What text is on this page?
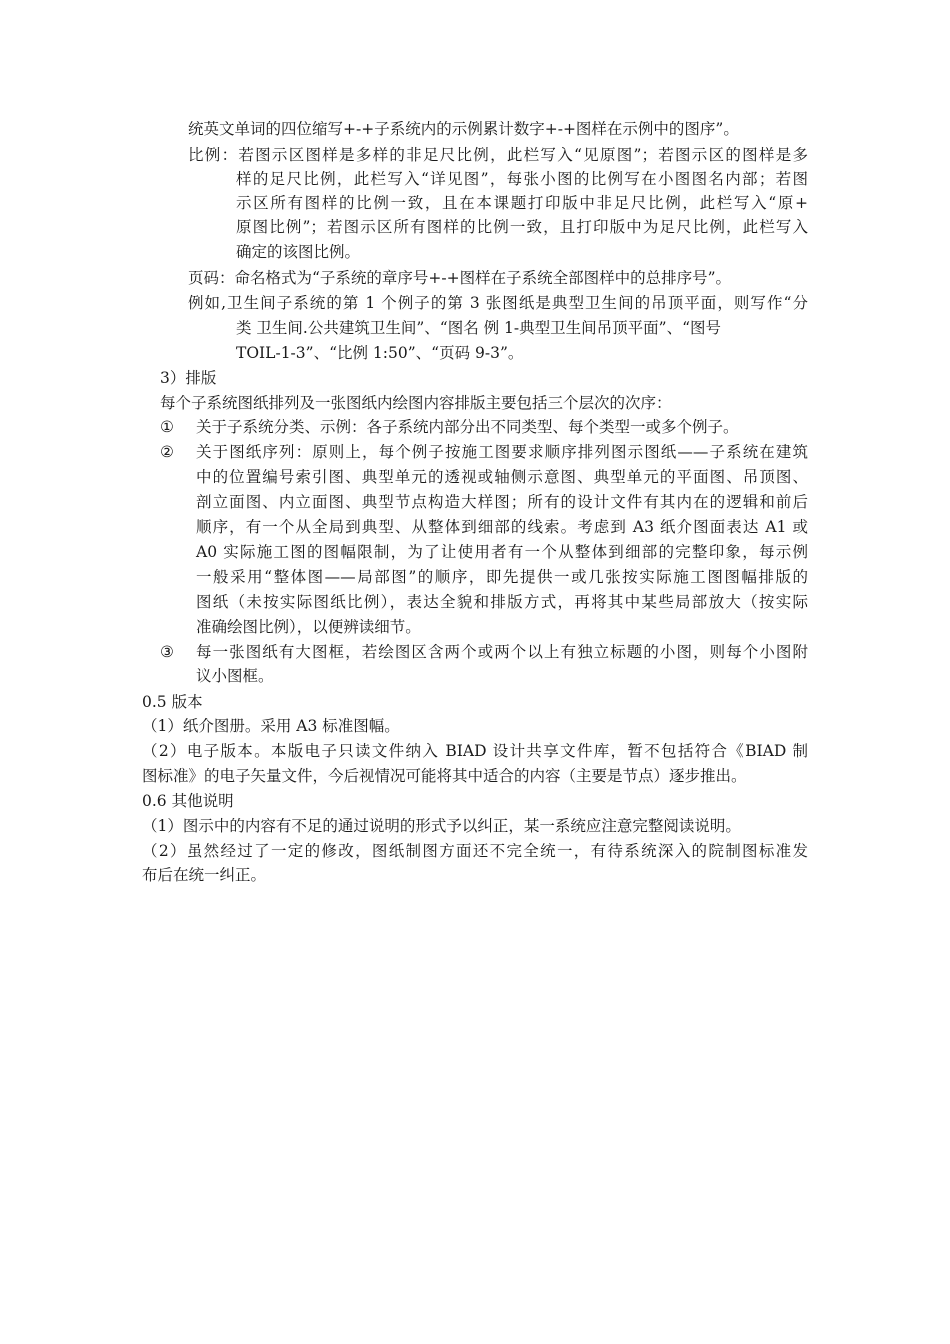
统英文单词的四位缩写+-+子系统内的示例累计数字+-+图样在示例中的图序”。
比例：若图示区图样是多样的非足尺比例，此栏写入“见原图”；若图示区的图样是多
样的足尺比例，此栏写入“详见图”，每张小图的比例写在小图图名内部；若图
示区所有图样的比例一致，且在本课题打印版中非足尺比例，此栏写入“原+
原图比例”；若图示区所有图样的比例一致，且打印版中为足尺比例，此栏写入
确定的该图比例。
页码：命名格式为“子系统的章序号+-+图样在子系统全部图样中的总排序号”。
例如,卫生间子系统的第 1 个例子的第 3 张图纸是典型卫生间的吊顶平面，则写作“分
类 卫生间.公共建筑卫生间”、“图名 例 1-典型卫生间吊顶平面”、“图号
TOIL-1-3”、“比例 1:50”、“页码 9-3”。
3）排版
每个子系统图纸排列及一张图纸内绘图内容排版主要包括三个层次的次序：
① 关于子系统分类、示例：各子系统内部分出不同类型、每个类型一或多个例子。
② 关于图纸序列：原则上，每个例子按施工图要求顺序排列图示图纸——子系统在建筑
中的位置编号索引图、典型单元的透视或轴侧示意图、典型单元的平面图、吊顶图、
剖立面图、内立面图、典型节点构造大样图；所有的设计文件有其内在的逻辑和前后
顺序，有一个从全局到典型、从整体到细部的线索。考虑到 A3 纸介图面表达 A1 或
A0 实际施工图的图幅限制，为了让使用者有一个从整体到细部的完整印象，每示例
一般采用“整体图——局部图”的顺序，即先提供一或几张按实际施工图图幅排版的
图纸（未按实际图纸比例），表达全貌和排版方式，再将其中某些局部放大（按实际
准确绘图比例），以便辨读细节。
③ 每一张图纸有大图框，若绘图区含两个或两个以上有独立标题的小图，则每个小图附
议小图框。
0.5 版本
（1）纸介图册。采用 A3 标准图幅。
（2）电子版本。本版电子只读文件纳入 BIAD 设计共享文件库，暂不包括符合《BIAD 制
图标准》的电子矢量文件，今后视情况可能将其中适合的内容（主要是节点）逐步推出。
0.6 其他说明
（1）图示中的内容有不足的通过说明的形式予以纠正，某一系统应注意完整阅读说明。
（2）虽然经过了一定的修改，图纸制图方面还不完全统一，有待系统深入的院制图标准发
布后在统一纠正。
